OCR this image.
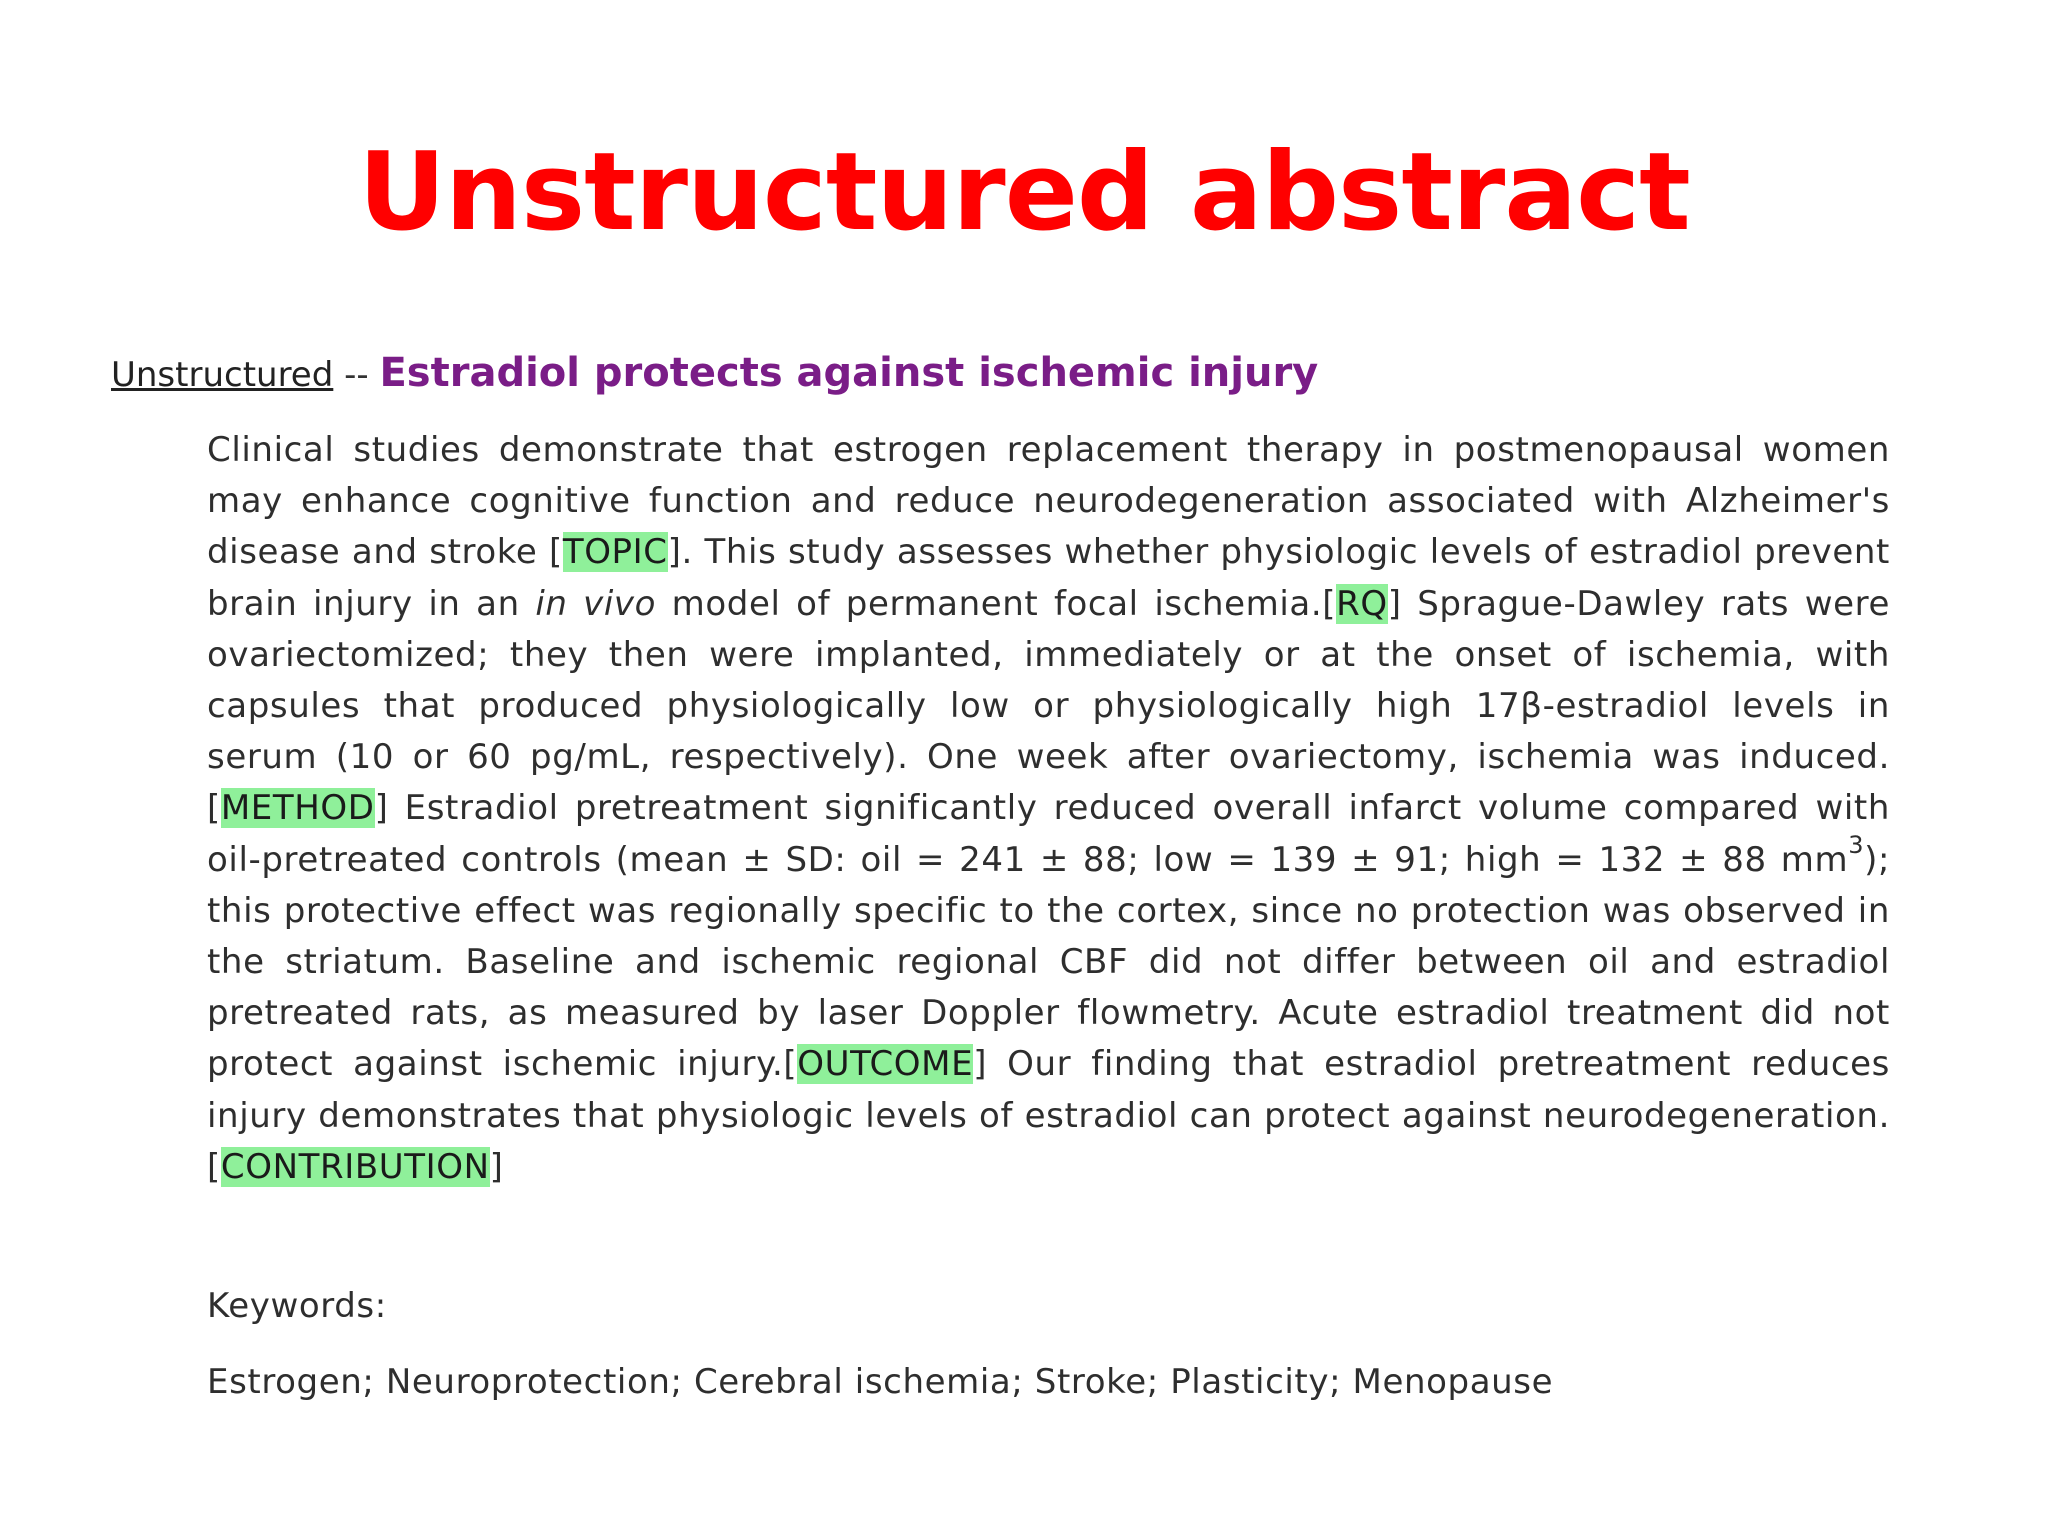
Unstructured abstract
Unstructured -- Estradiol protects against ischemic injury
Clinical studies demonstrate that estrogen replacement therapy in postmenopausal women may enhance cognitive function and reduce neurodegeneration associated with Alzheimer's disease and stroke [TOPIC]. This study assesses whether physiologic levels of estradiol prevent brain injury in an in vivo model of permanent focal ischemia.[RQ] Sprague-Dawley rats were ovariectomized; they then were implanted, immediately or at the onset of ischemia, with capsules that produced physiologically low or physiologically high 17β-estradiol levels in serum (10 or 60 pg/mL, respectively). One week after ovariectomy, ischemia was induced. [METHOD] Estradiol pretreatment significantly reduced overall infarct volume compared with oil-pretreated controls (mean ± SD: oil = 241 ± 88; low = 139 ± 91; high = 132 ± 88 $mm^3$); this protective effect was regionally specific to the cortex, since no protection was observed in the striatum. Baseline and ischemic regional CBF did not differ between oil and estradiol pretreated rats, as measured by laser Doppler flowmetry. Acute estradiol treatment did not protect against ischemic injury.[OUTCOME] Our finding that estradiol pretreatment reduces injury demonstrates that physiologic levels of estradiol can protect against neurodegeneration. [CONTRIBUTION]
Keywords:
Estrogen; Neuroprotection; Cerebral ischemia; Stroke; Plasticity; Menopause
